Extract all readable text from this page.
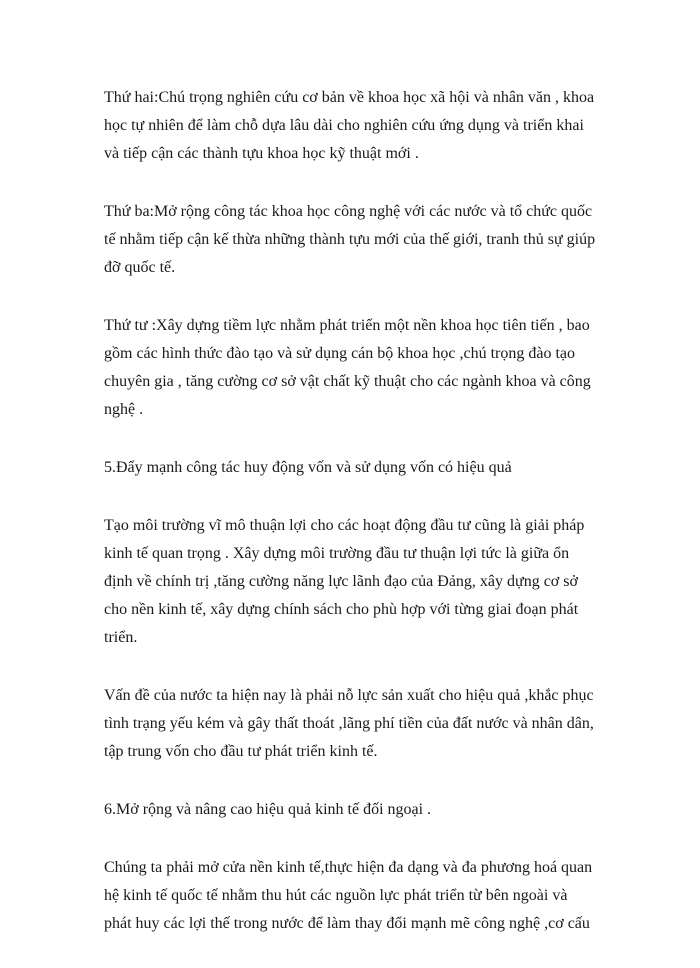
Thứ hai:Chú trọng nghiên cứu cơ bản về khoa học xã hội và nhân văn , khoa
học tự nhiên để làm chỗ dựa lâu dài cho nghiên cứu ứng dụng và triển khai
và tiếp cận các thành tựu khoa học kỹ thuật mới .

Thứ ba:Mở rộng công tác khoa học công nghệ với các nước và tổ chức quốc
tế nhằm tiếp cận kế thừa những thành tựu mới của thế giới, tranh thủ sự giúp
đỡ quốc tế.

Thứ tư :Xây dựng tiềm lực nhằm phát triển một nền khoa học tiên tiến , bao
gồm các hình thức đào tạo và sử dụng cán bộ khoa học ,chú trọng đào tạo
chuyên gia , tăng cường cơ sở vật chất kỹ thuật cho các ngành khoa và công
nghệ .

5.Đẩy mạnh công tác huy động vốn và sử dụng vốn có hiệu quả

Tạo môi trường vĩ mô thuận lợi cho các hoạt động đầu tư cũng là giải pháp
kinh tế quan trọng . Xây dựng môi trường đầu tư thuận lợi tức là giữa ổn
định về chính trị ,tăng cường năng lực lãnh đạo của Đảng, xây dựng cơ sở
cho nền kinh tế, xây dựng chính sách cho phù hợp với từng giai đoạn phát
triển.

Vấn đề của nước ta hiện nay là phải nỗ lực sản xuất cho hiệu quả ,khắc phục
tình trạng yếu kém và gây thất thoát ,lãng phí tiền của đất nước và nhân dân,
tập trung vốn cho đầu tư phát triển kinh tế.

6.Mở rộng và nâng cao hiệu quả kinh tế đối ngoại .

Chúng ta phải mở cửa nền kinh tế,thực hiện đa dạng và đa phương hoá quan
hệ kinh tế quốc tế nhằm thu hút các nguồn lực phát triển từ bên ngoài và
phát huy các lợi thế trong nước để làm thay đổi mạnh mẽ công nghệ ,cơ cấu
